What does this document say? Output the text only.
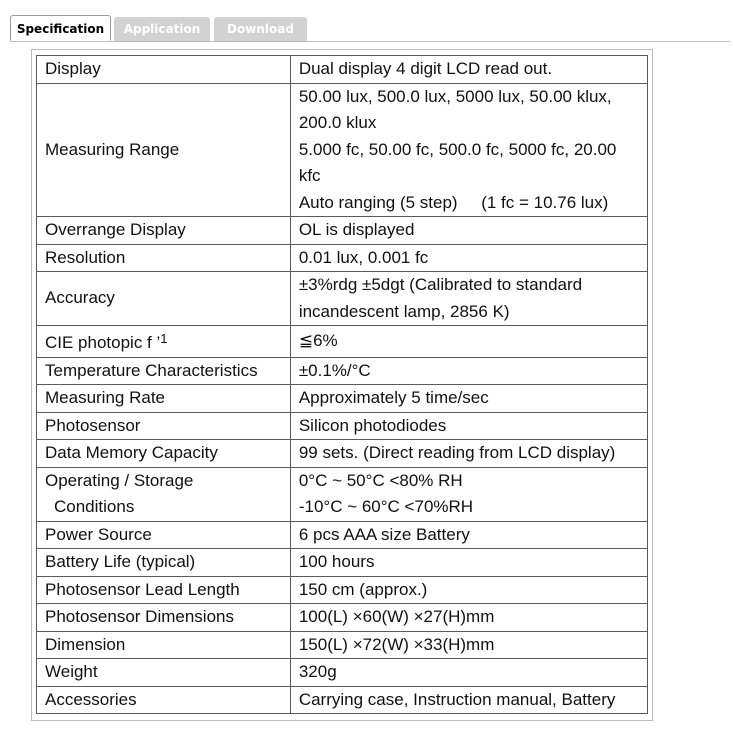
Specification	Application	Download
Display	Dual display 4 digit LCD read out.
Measuring Range	50.00 lux, 500.0 lux, 5000 lux, 50.00 klux,
200.0 klux
5.000 fc, 50.00 fc, 500.0 fc, 5000 fc, 20.00
kfc
Auto ranging (5 step)     (1 fc = 10.76 lux)

Overrange Display	OL is displayed
Resolution	0.01 lux, 0.001 fc
Accuracy	±3%rdg ±5dgt (Calibrated to standard
incandescent lamp, 2856 K)

CIE photopic f ’$^1$	≦6%
Temperature Characteristics	±0.1%/°C
Measuring Rate	Approximately 5 time/sec
Photosensor	Silicon photodiodes
Data Memory Capacity	99 sets. (Direct reading from LCD display)

Operating / Storage
Conditions	0°C ~ 50°C <80% RH
-10°C ~ 60°C <70%RH

Power Source	6 pcs AAA size Battery
Battery Life (typical)	100 hours
Photosensor Lead Length	150 cm (approx.)
Photosensor Dimensions	100(L) ×60(W) ×27(H)mm
Dimension	150(L) ×72(W) ×33(H)mm
Weight	320g
Accessories	Carrying case, Instruction manual, Battery
